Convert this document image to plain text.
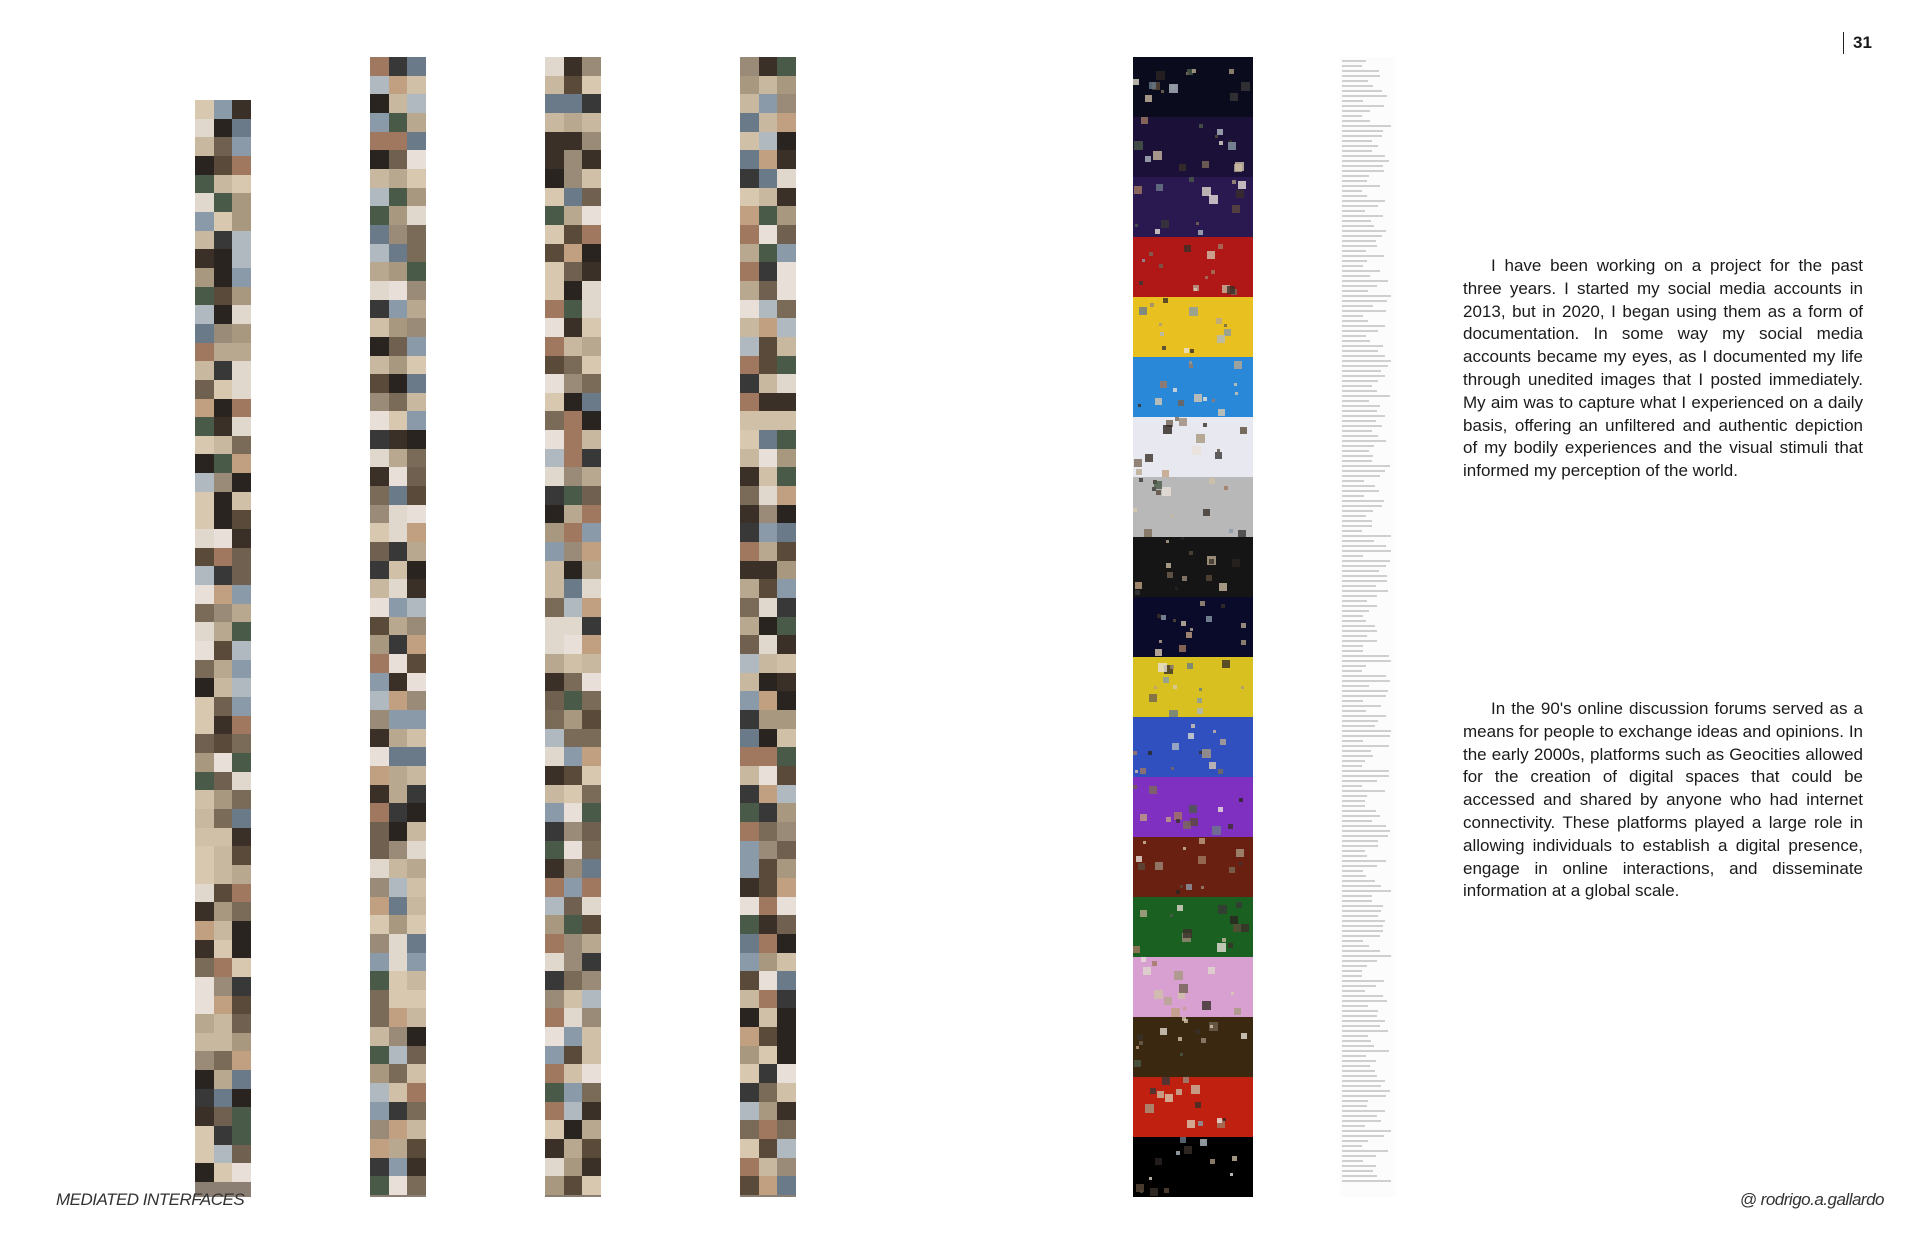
31

I have been working on a project for the past three years. I started my social media accounts in 2013, but in 2020, I began using them as a form of documentation. In some way my social media accounts became my eyes, as I documented my life through unedited images that I posted immediately. My aim was to capture what I experienced on a daily basis, offering an unfiltered and authentic depiction of my bodily experiences and the visual stimuli that informed my perception of the world.

In the 90's online discussion forums served as a means for people to exchange ideas and opinions. In the early 2000s, platforms such as Geocities allowed for the creation of digital spaces that could be accessed and shared by anyone who had internet connectivity. These platforms played a large role in allowing individuals to establish a digital presence, engage in online interactions, and disseminate information at a global scale.

MEDIATED INTERFACES	@ rodrigo.a.gallardo
